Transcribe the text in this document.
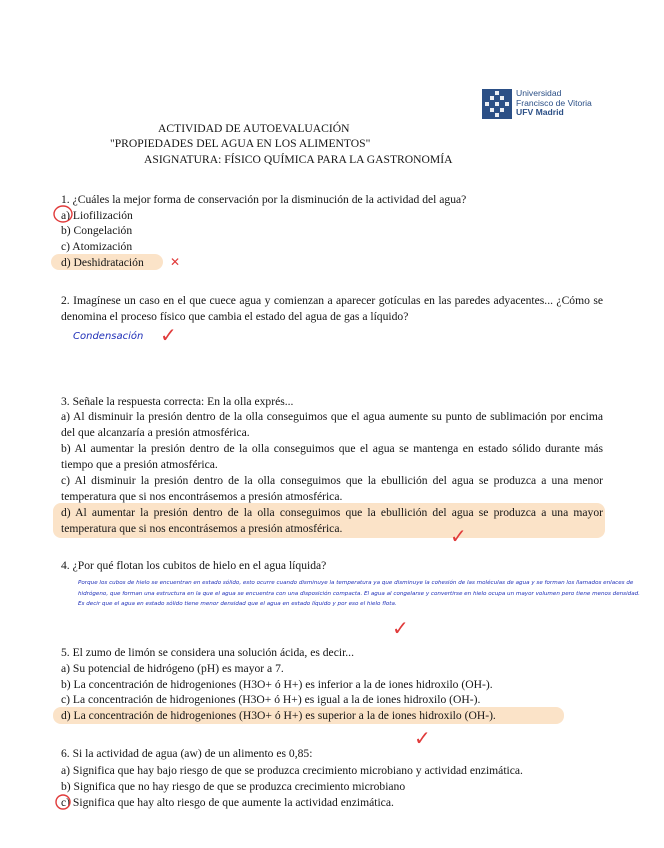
Universidad
Francisco de Vitoria
UFV Madrid
ACTIVIDAD DE AUTOEVALUACIÓN
"PROPIEDADES DEL AGUA EN LOS ALIMENTOS"
ASIGNATURA: FÍSICO QUÍMICA PARA LA GASTRONOMÍA
1. ¿Cuáles la mejor forma de conservación por la disminución de la actividad del agua?
a) Liofilización
b) Congelación
c) Atomización
d) Deshidratación ✕
2. Imagínese un caso en el que cuece agua y comienzan a aparecer gotículas en las paredes adyacentes... ¿Cómo se denomina el proceso físico que cambia el estado del agua de gas a líquido?
Condensación ✓
3. Señale la respuesta correcta: En la olla exprés...
a) Al disminuir la presión dentro de la olla conseguimos que el agua aumente su punto de sublimación por encima del que alcanzaría a presión atmosférica.
b) Al aumentar la presión dentro de la olla conseguimos que el agua se mantenga en estado sólido durante más tiempo que a presión atmosférica.
c) Al disminuir la presión dentro de la olla conseguimos que la ebullición del agua se produzca a una menor temperatura que si nos encontrásemos a presión atmosférica.
d) Al aumentar la presión dentro de la olla conseguimos que la ebullición del agua se produzca a una mayor temperatura que si nos encontrásemos a presión atmosférica.	✓
4. ¿Por qué flotan los cubitos de hielo en el agua líquida?
Porque los cubos de hielo se encuentran en estado sólido, esto ocurre cuando disminuye la temperatura ya que disminuye la cohesión de las moléculas de agua y se forman los llamados enlaces de hidrógeno, que forman una estructura en la que el agua se encuentra con una disposición compacta. El agua al congelarse y convertirse en hielo ocupa un mayor volumen pero tiene menos densidad. Es decir que el agua en estado sólido tiene menor densidad que el agua en estado líquido y por eso el hielo flota.
✓
5. El zumo de limón se considera una solución ácida, es decir...
a) Su potencial de hidrógeno (pH) es mayor a 7.
b) La concentración de hidrogeniones (H3O+ ó H+) es inferior a la de iones hidroxilo (OH-).
c) La concentración de hidrogeniones (H3O+ ó H+) es igual a la de iones hidroxilo (OH-).
d) La concentración de hidrogeniones (H3O+ ó H+) es superior a la de iones hidroxilo (OH-).
✓
6. Si la actividad de agua (aw) de un alimento es 0,85:
a) Significa que hay bajo riesgo de que se produzca crecimiento microbiano y actividad enzimática.
b) Significa que no hay riesgo de que se produzca crecimiento microbiano
c) Significa que hay alto riesgo de que aumente la actividad enzimática.
